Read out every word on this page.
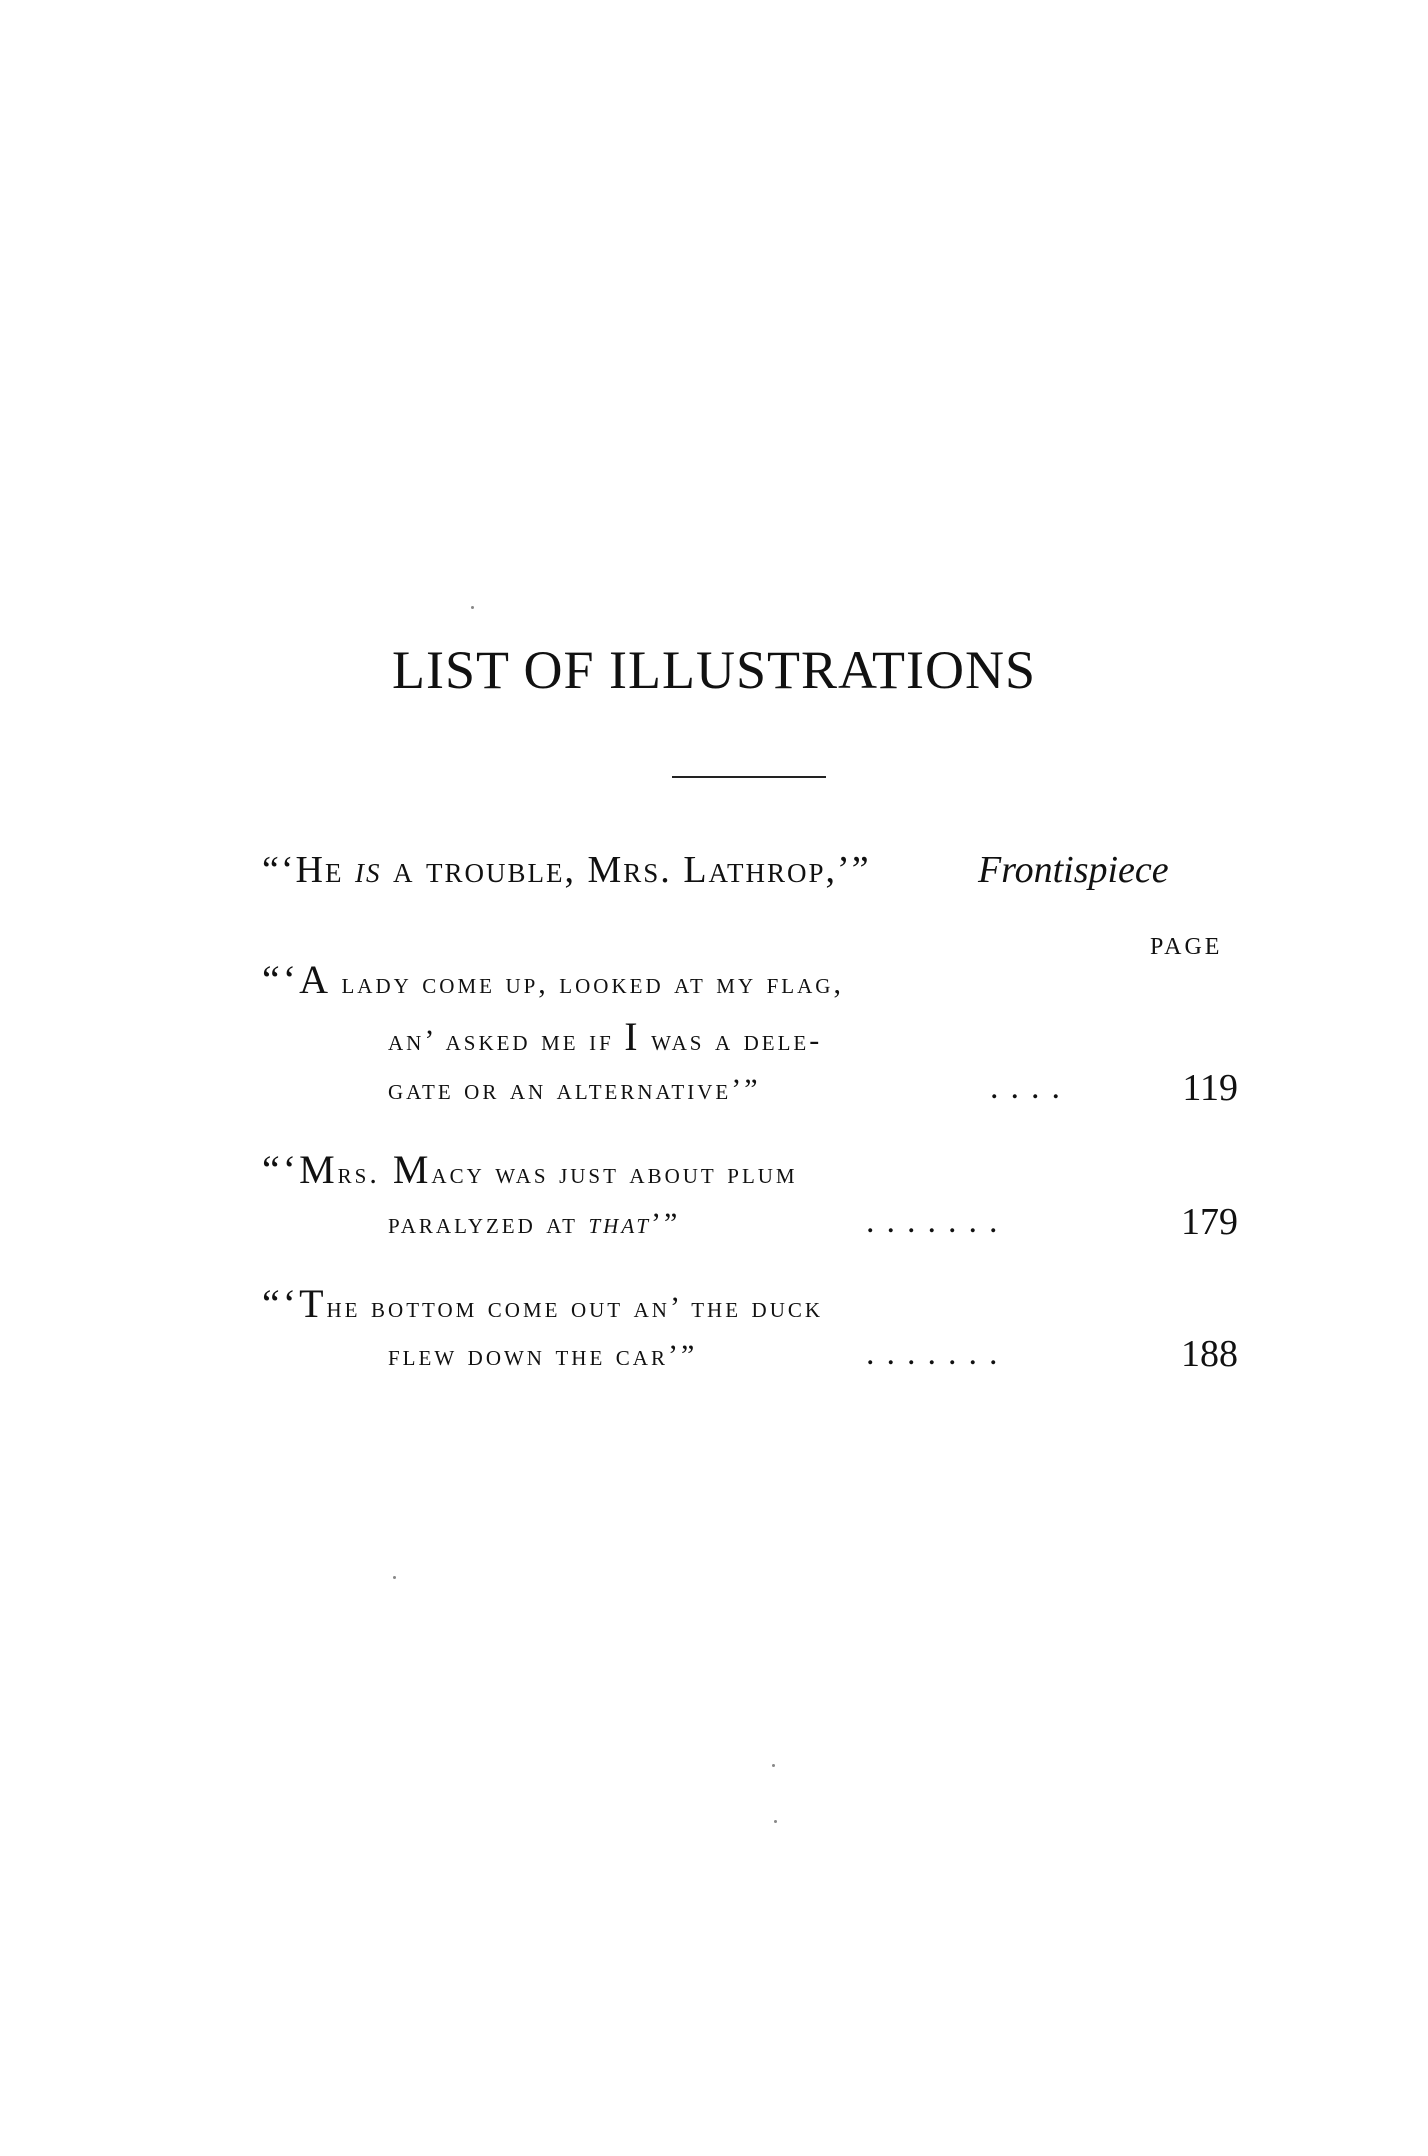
LIST OF ILLUSTRATIONS
“‘He is a trouble, Mrs. Lathrop,’”	Frontispiece
PAGE
“‘A lady come up, looked at my flag,
an’ asked me if I was a dele-
gate or an alternative’”	....	119
“‘Mrs. Macy was just about plum
paralyzed at that’”	.......	179
“‘The bottom come out an’ the duck
flew down the car’”	.......	188
